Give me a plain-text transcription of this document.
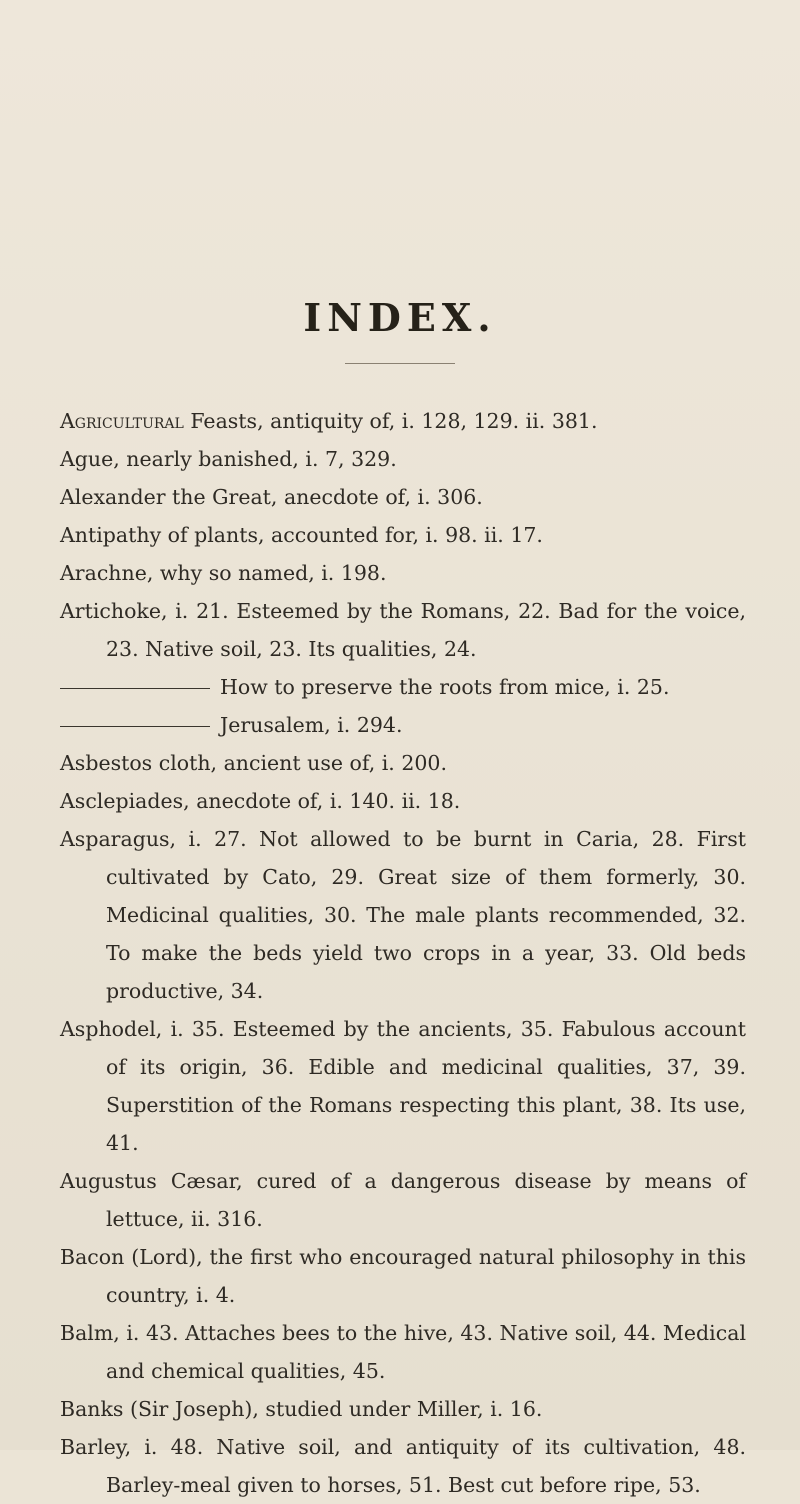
INDEX.

Agricultural Feasts, antiquity of, i. 128, 129. ii. 381.

Ague, nearly banished, i. 7, 329.

Alexander the Great, anecdote of, i. 306.

Antipathy of plants, accounted for, i. 98. ii. 17.

Arachne, why so named, i. 198.

Artichoke, i. 21. Esteemed by the Romans, 22. Bad for the voice, 23. Native soil, 23. Its qualities, 24.

How to preserve the roots from mice, i. 25.

Jerusalem, i. 294.

Asbestos cloth, ancient use of, i. 200.

Asclepiades, anecdote of, i. 140. ii. 18.

Asparagus, i. 27. Not allowed to be burnt in Caria, 28. First cultivated by Cato, 29. Great size of them formerly, 30. Medicinal qualities, 30. The male plants recommended, 32. To make the beds yield two crops in a year, 33. Old beds productive, 34.

Asphodel, i. 35. Esteemed by the ancients, 35. Fabulous account of its origin, 36. Edible and medicinal qualities, 37, 39. Superstition of the Romans respecting this plant, 38. Its use, 41.

Augustus Cæsar, cured of a dangerous disease by means of lettuce, ii. 316.

Bacon (Lord), the first who encouraged natural philosophy in this country, i. 4.

Balm, i. 43. Attaches bees to the hive, 43. Native soil, 44. Medical and chemical qualities, 45.

Banks (Sir Joseph), studied under Miller, i. 16.

Barley, i. 48. Native soil, and antiquity of its cultivation, 48. Barley-meal given to horses, 51. Best cut before ripe, 53.
